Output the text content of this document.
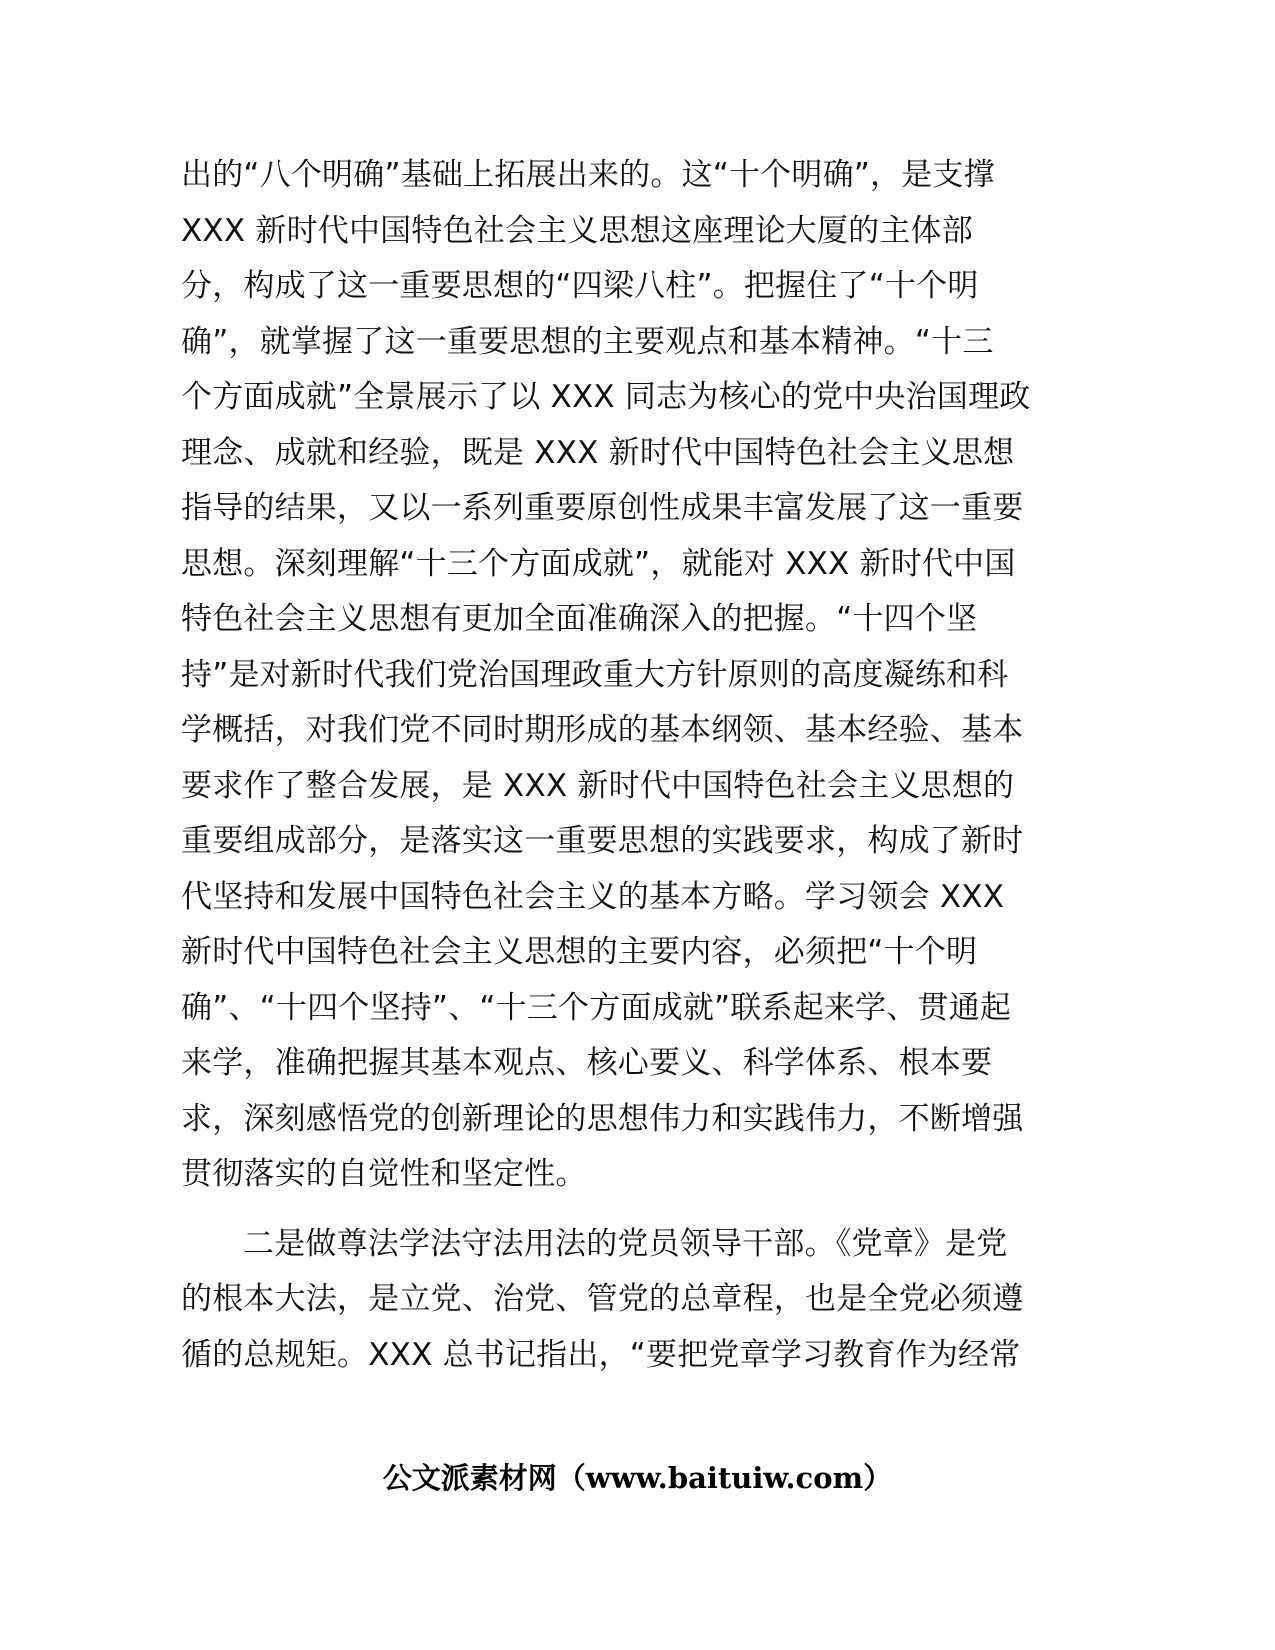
出的“八个明确”基础上拓展出来的。这“十个明确”，是支撑
XXX 新时代中国特色社会主义思想这座理论大厦的主体部
分，构成了这一重要思想的“四梁八柱”。把握住了“十个明
确”，就掌握了这一重要思想的主要观点和基本精神。“十三
个方面成就”全景展示了以 XXX 同志为核心的党中央治国理政
理念、成就和经验，既是 XXX 新时代中国特色社会主义思想
指导的结果，又以一系列重要原创性成果丰富发展了这一重要
思想。深刻理解“十三个方面成就”，就能对 XXX 新时代中国
特色社会主义思想有更加全面准确深入的把握。“十四个坚
持”是对新时代我们党治国理政重大方针原则的高度凝练和科
学概括，对我们党不同时期形成的基本纲领、基本经验、基本
要求作了整合发展，是 XXX 新时代中国特色社会主义思想的
重要组成部分，是落实这一重要思想的实践要求，构成了新时
代坚持和发展中国特色社会主义的基本方略。学习领会 XXX
新时代中国特色社会主义思想的主要内容，必须把“十个明
确”、“十四个坚持”、“十三个方面成就”联系起来学、贯通起
来学，准确把握其基本观点、核心要义、科学体系、根本要
求，深刻感悟党的创新理论的思想伟力和实践伟力，不断增强
贯彻落实的自觉性和坚定性。
二是做尊法学法守法用法的党员领导干部。《党章》是党
的根本大法，是立党、治党、管党的总章程，也是全党必须遵
循的总规矩。XXX 总书记指出，“要把党章学习教育作为经常
公文派素材网（www.baituiw.com）
